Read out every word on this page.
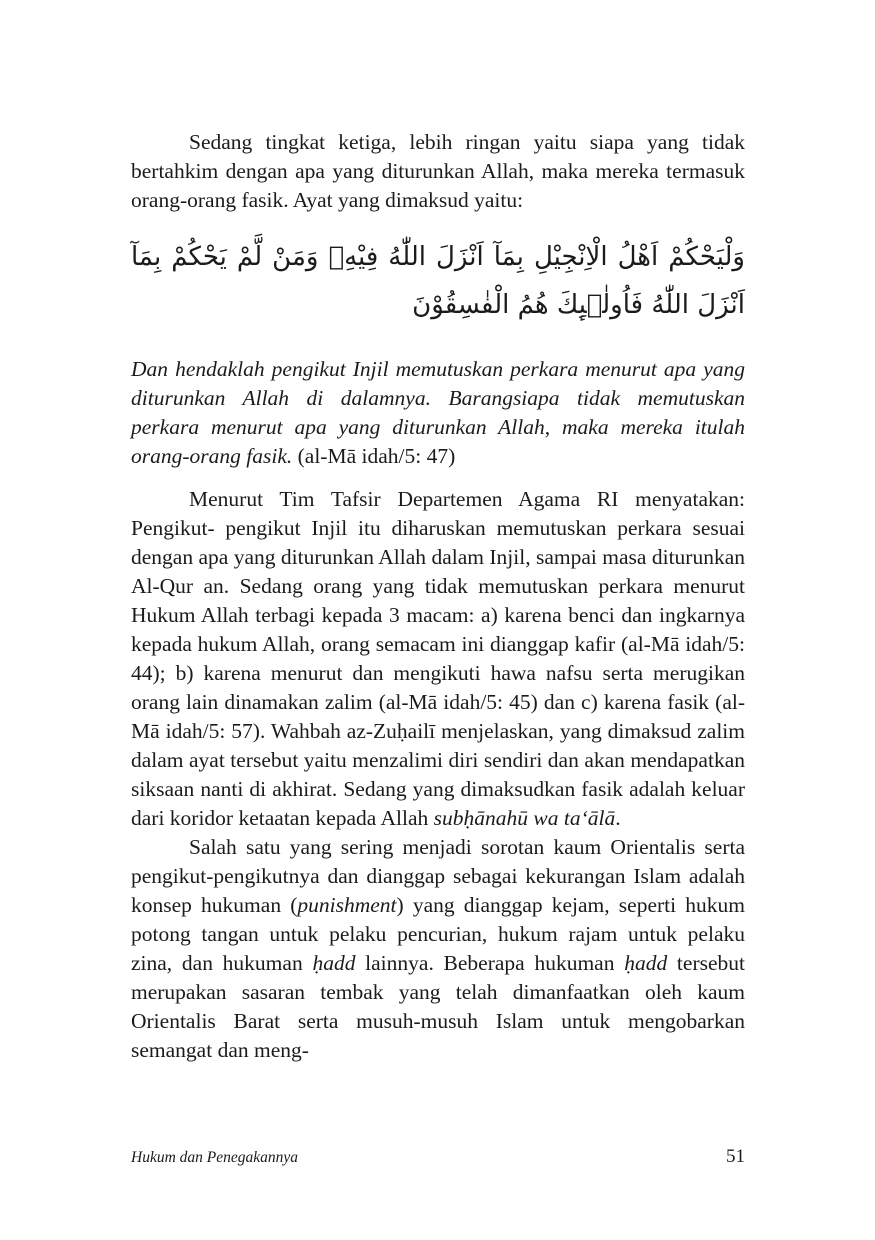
Sedang tingkat ketiga, lebih ringan yaitu siapa yang tidak bertahkim dengan apa yang diturunkan Allah, maka mereka termasuk orang-orang fasik. Ayat yang dimaksud yaitu:

وَلْيَحْكُمْ اَهْلُ الْاِنْجِيْلِ بِمَآ اَنْزَلَ اللّٰهُ فِيْهِۗ وَمَنْ لَّمْ يَحْكُمْ بِمَآ اَنْزَلَ اللّٰهُ فَاُولٰۤىِٕكَ هُمُ الْفٰسِقُوْنَ

Dan hendaklah pengikut Injil memutuskan perkara menurut apa yang diturunkan Allah di dalamnya. Barangsiapa tidak memutuskan perkara menurut apa yang diturunkan Allah, maka mereka itulah orang-orang fasik. (al-Mā idah/5: 47)

Menurut Tim Tafsir Departemen Agama RI menyatakan: Pengikut- pengikut Injil itu diharuskan memutuskan perkara sesuai dengan apa yang diturunkan Allah dalam Injil, sampai masa diturunkan Al-Qur an. Sedang orang yang tidak memutuskan perkara menurut Hukum Allah terbagi kepada 3 macam: a) karena benci dan ingkarnya kepada hukum Allah, orang semacam ini dianggap kafir (al-Mā idah/5: 44); b) karena menurut dan mengikuti hawa nafsu serta merugikan orang lain dinamakan zalim (al-Mā idah/5: 45) dan c) karena fasik (al-Mā idah/5: 57). Wahbah az-Zuḥailī menjelaskan, yang dimaksud zalim dalam ayat tersebut yaitu menzalimi diri sendiri dan akan mendapatkan siksaan nanti di akhirat. Sedang yang dimaksudkan fasik adalah keluar dari koridor ketaatan kepada Allah subḥānahū wa ta‘ālā.

Salah satu yang sering menjadi sorotan kaum Orientalis serta pengikut-pengikutnya dan dianggap sebagai kekurangan Islam adalah konsep hukuman (punishment) yang dianggap kejam, seperti hukum potong tangan untuk pelaku pencurian, hukum rajam untuk pelaku zina, dan hukuman ḥadd lainnya. Beberapa hukuman ḥadd tersebut merupakan sasaran tembak yang telah dimanfaatkan oleh kaum Orientalis Barat serta musuh-musuh Islam untuk mengobarkan semangat dan meng-

Hukum dan Penegakannya	51
